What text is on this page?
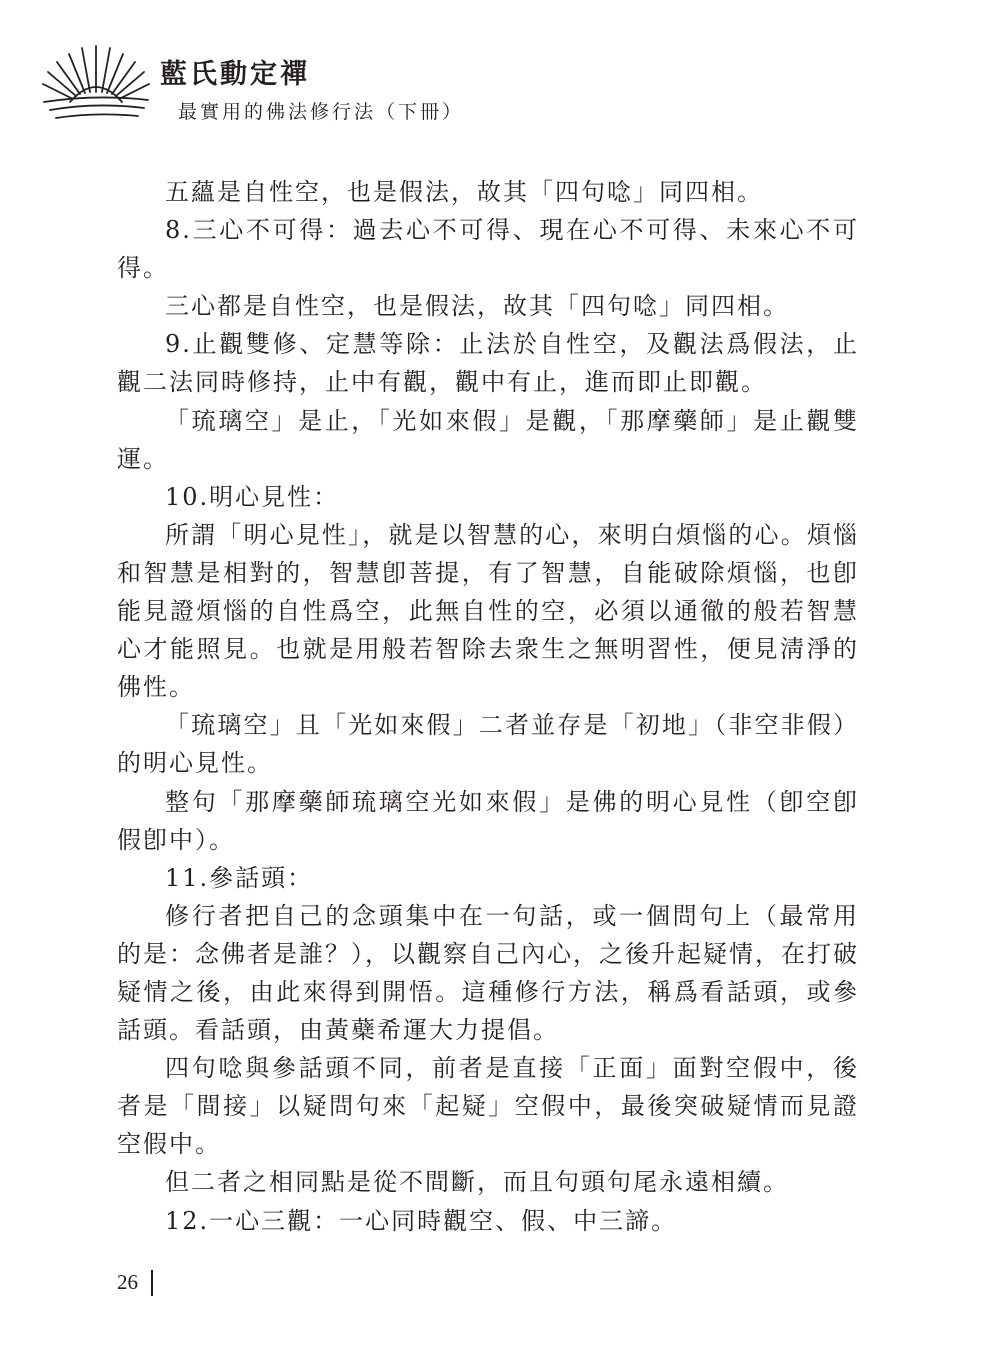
藍氏動定禪
最實用的佛法修行法（下冊）

五蘊是自性空，也是假法，故其「四句唸」同四相。

8.三心不可得：過去心不可得、現在心不可得、未來心不可得。

三心都是自性空，也是假法，故其「四句唸」同四相。

9.止觀雙修、定慧等除：止法於自性空，及觀法爲假法，止觀二法同時修持，止中有觀，觀中有止，進而即止即觀。

「琉璃空」是止，「光如來假」是觀，「那摩藥師」是止觀雙運。

10.明心見性：

所謂「明心見性」，就是以智慧的心，來明白煩惱的心。煩惱和智慧是相對的，智慧卽菩提，有了智慧，自能破除煩惱，也卽能見證煩惱的自性爲空，此無自性的空，必須以通徹的般若智慧心才能照見。也就是用般若智除去衆生之無明習性，便見淸淨的佛性。

「琉璃空」且「光如來假」二者並存是「初地」（非空非假）的明心見性。

整句「那摩藥師琉璃空光如來假」是佛的明心見性（卽空卽假卽中）。

11.參話頭：

修行者把自己的念頭集中在一句話，或一個問句上（最常用的是：念佛者是誰？），以觀察自己內心，之後升起疑情，在打破疑情之後，由此來得到開悟。這種修行方法，稱爲看話頭，或參話頭。看話頭，由黃蘗希運大力提倡。

四句唸與參話頭不同，前者是直接「正面」面對空假中，後者是「間接」以疑問句來「起疑」空假中，最後突破疑情而見證空假中。

但二者之相同點是從不間斷，而且句頭句尾永遠相續。

12.一心三觀：一心同時觀空、假、中三諦。

26
